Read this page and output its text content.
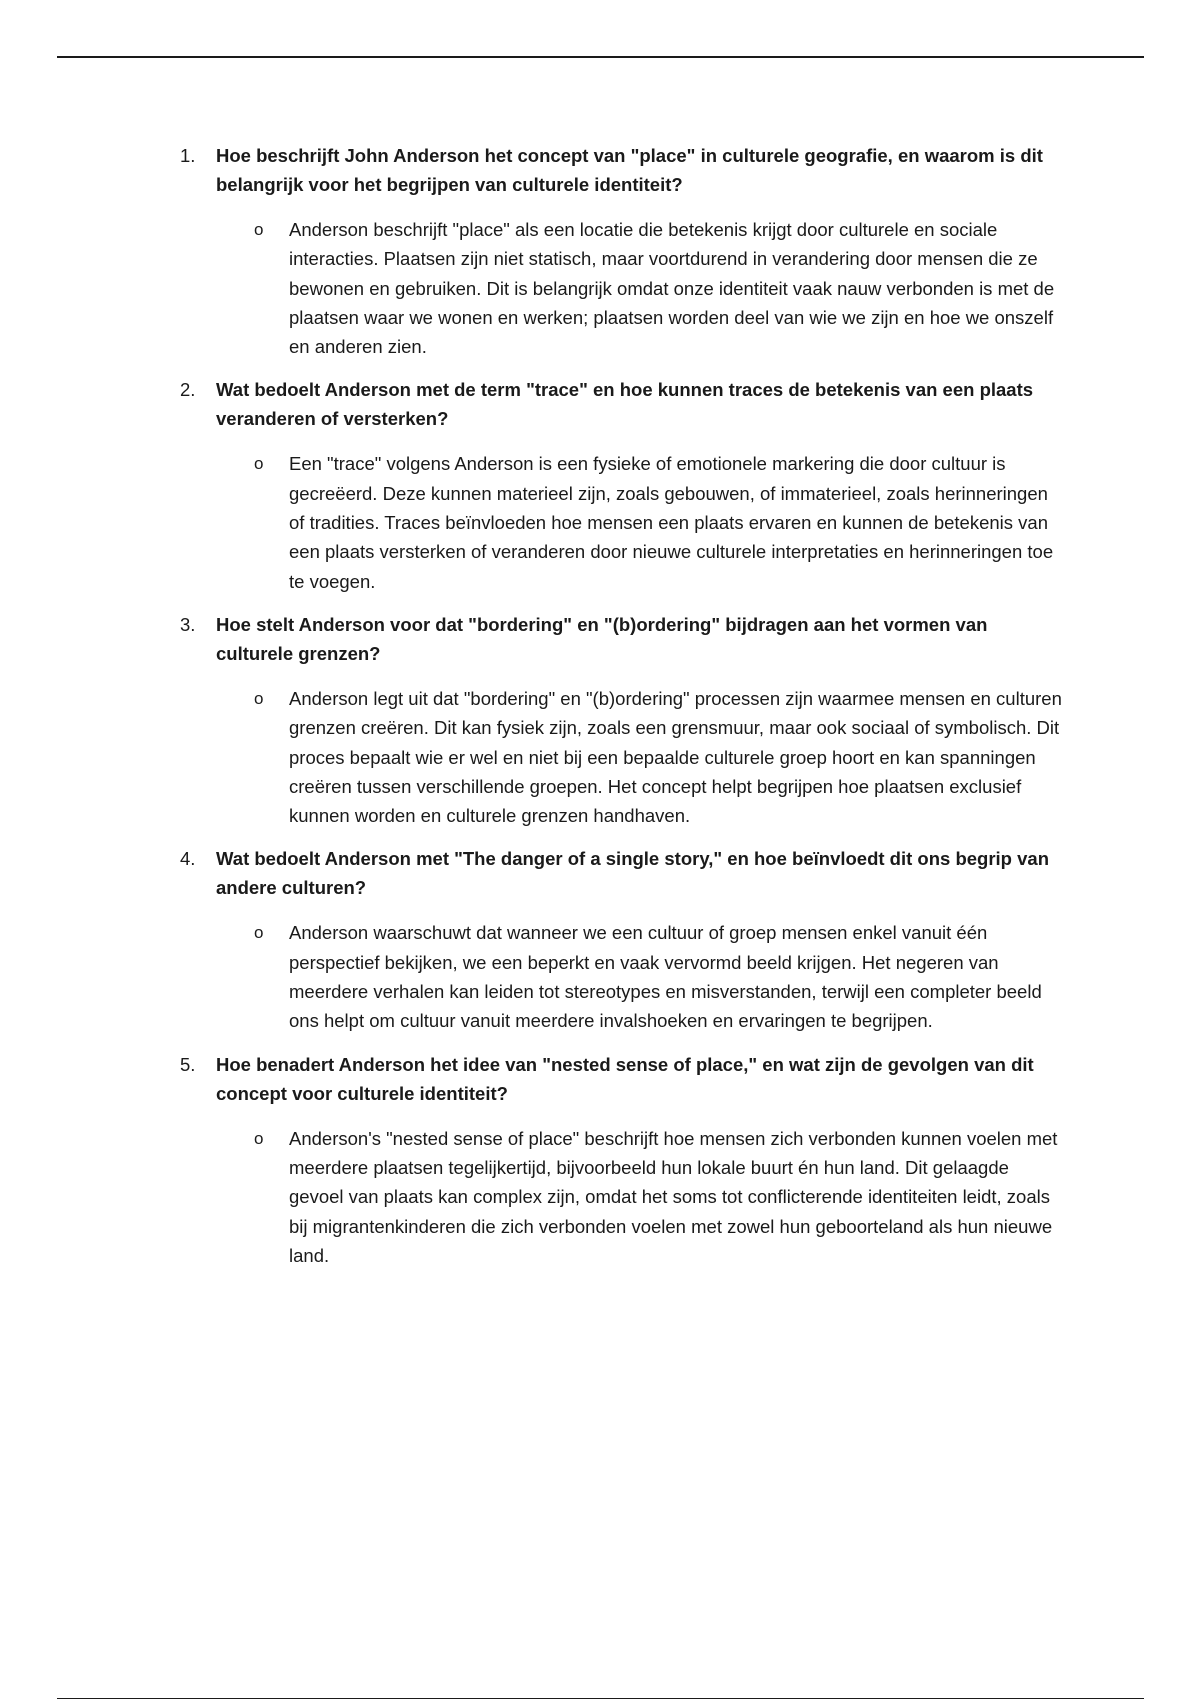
1. Hoe beschrijft John Anderson het concept van "place" in culturele geografie, en waarom is dit belangrijk voor het begrijpen van culturele identiteit?

o Anderson beschrijft "place" als een locatie die betekenis krijgt door culturele en sociale interacties. Plaatsen zijn niet statisch, maar voortdurend in verandering door mensen die ze bewonen en gebruiken. Dit is belangrijk omdat onze identiteit vaak nauw verbonden is met de plaatsen waar we wonen en werken; plaatsen worden deel van wie we zijn en hoe we onszelf en anderen zien.

2. Wat bedoelt Anderson met de term "trace" en hoe kunnen traces de betekenis van een plaats veranderen of versterken?

o Een "trace" volgens Anderson is een fysieke of emotionele markering die door cultuur is gecreëerd. Deze kunnen materieel zijn, zoals gebouwen, of immaterieel, zoals herinneringen of tradities. Traces beïnvloeden hoe mensen een plaats ervaren en kunnen de betekenis van een plaats versterken of veranderen door nieuwe culturele interpretaties en herinneringen toe te voegen.

3. Hoe stelt Anderson voor dat "bordering" en "(b)ordering" bijdragen aan het vormen van culturele grenzen?

o Anderson legt uit dat "bordering" en "(b)ordering" processen zijn waarmee mensen en culturen grenzen creëren. Dit kan fysiek zijn, zoals een grensmuur, maar ook sociaal of symbolisch. Dit proces bepaalt wie er wel en niet bij een bepaalde culturele groep hoort en kan spanningen creëren tussen verschillende groepen. Het concept helpt begrijpen hoe plaatsen exclusief kunnen worden en culturele grenzen handhaven.

4. Wat bedoelt Anderson met "The danger of a single story," en hoe beïnvloedt dit ons begrip van andere culturen?

o Anderson waarschuwt dat wanneer we een cultuur of groep mensen enkel vanuit één perspectief bekijken, we een beperkt en vaak vervormd beeld krijgen. Het negeren van meerdere verhalen kan leiden tot stereotypes en misverstanden, terwijl een completer beeld ons helpt om cultuur vanuit meerdere invalshoeken en ervaringen te begrijpen.

5. Hoe benadert Anderson het idee van "nested sense of place," en wat zijn de gevolgen van dit concept voor culturele identiteit?

o Anderson's "nested sense of place" beschrijft hoe mensen zich verbonden kunnen voelen met meerdere plaatsen tegelijkertijd, bijvoorbeeld hun lokale buurt én hun land. Dit gelaagde gevoel van plaats kan complex zijn, omdat het soms tot conflicterende identiteiten leidt, zoals bij migrantenkinderen die zich verbonden voelen met zowel hun geboorteland als hun nieuwe land.
